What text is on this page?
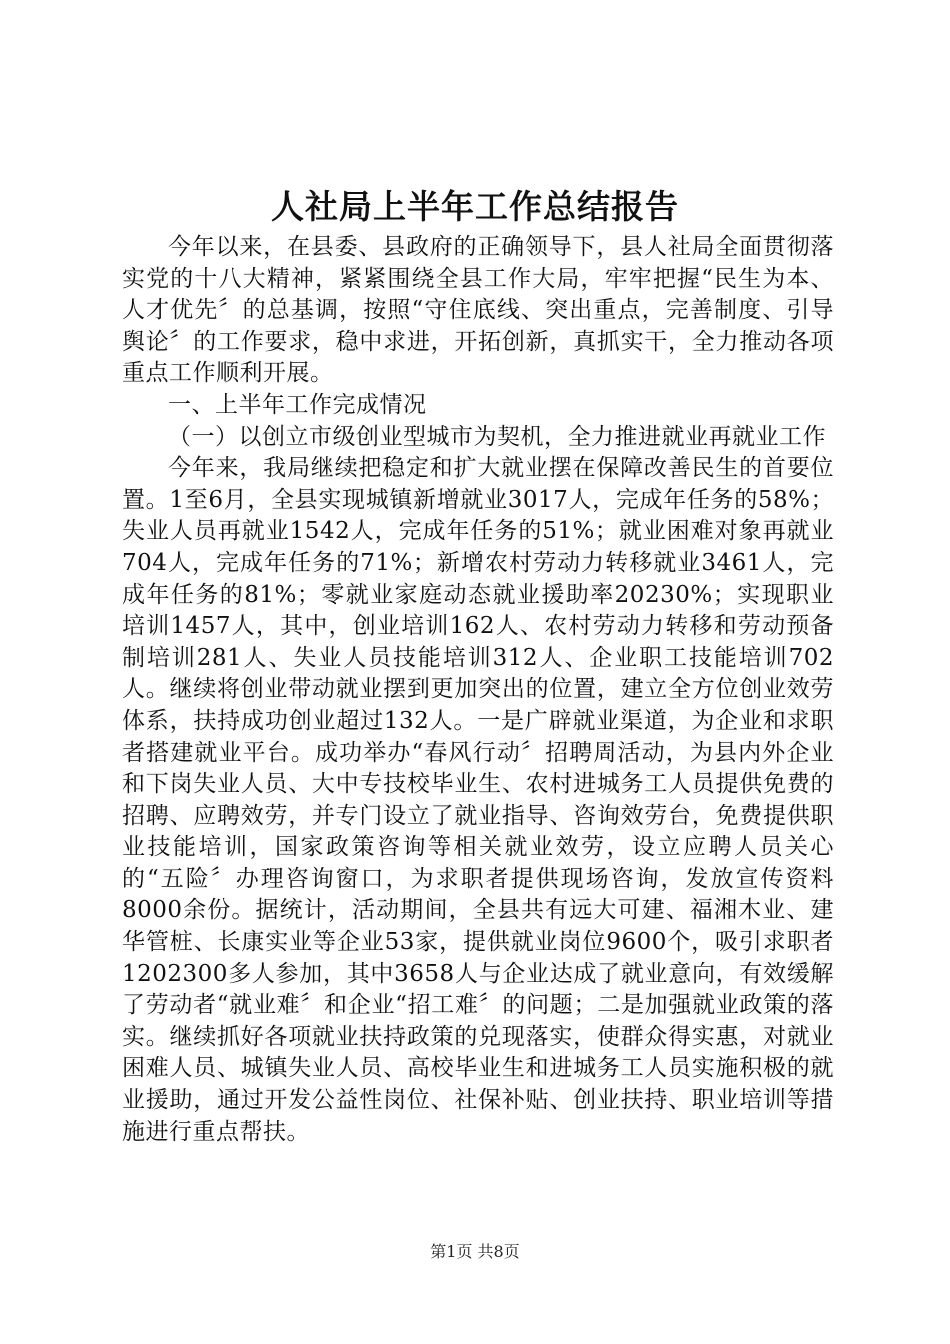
人社局上半年工作总结报告

今年以来，在县委、县政府的正确领导下，县人社局全面贯彻落实党的十八大精神，紧紧围绕全县工作大局，牢牢把握“民生为本、人才优先〞的总基调，按照“守住底线、突出重点，完善制度、引导舆论〞的工作要求，稳中求进，开拓创新，真抓实干，全力推动各项重点工作顺利开展。

一、上半年工作完成情况

（一）以创立市级创业型城市为契机，全力推进就业再就业工作

今年来，我局继续把稳定和扩大就业摆在保障改善民生的首要位置。1至6月，全县实现城镇新增就业3017人，完成年任务的58%；失业人员再就业1542人，完成年任务的51%；就业困难对象再就业704人，完成年任务的71%；新增农村劳动力转移就业3461人，完成年任务的81%；零就业家庭动态就业援助率20230%；实现职业培训1457人，其中，创业培训162人、农村劳动力转移和劳动预备制培训281人、失业人员技能培训312人、企业职工技能培训702人。继续将创业带动就业摆到更加突出的位置，建立全方位创业效劳体系，扶持成功创业超过132人。一是广辟就业渠道，为企业和求职者搭建就业平台。成功举办“春风行动〞招聘周活动，为县内外企业和下岗失业人员、大中专技校毕业生、农村进城务工人员提供免费的招聘、应聘效劳，并专门设立了就业指导、咨询效劳台，免费提供职业技能培训，国家政策咨询等相关就业效劳，设立应聘人员关心的“五险〞办理咨询窗口，为求职者提供现场咨询，发放宣传资料8000余份。据统计，活动期间，全县共有远大可建、福湘木业、建华管桩、长康实业等企业53家，提供就业岗位9600个，吸引求职者1202300多人参加，其中3658人与企业达成了就业意向，有效缓解了劳动者“就业难〞和企业“招工难〞的问题；二是加强就业政策的落实。继续抓好各项就业扶持政策的兑现落实，使群众得实惠，对就业困难人员、城镇失业人员、高校毕业生和进城务工人员实施积极的就业援助，通过开发公益性岗位、社保补贴、创业扶持、职业培训等措施进行重点帮扶。

第1页 共8页
